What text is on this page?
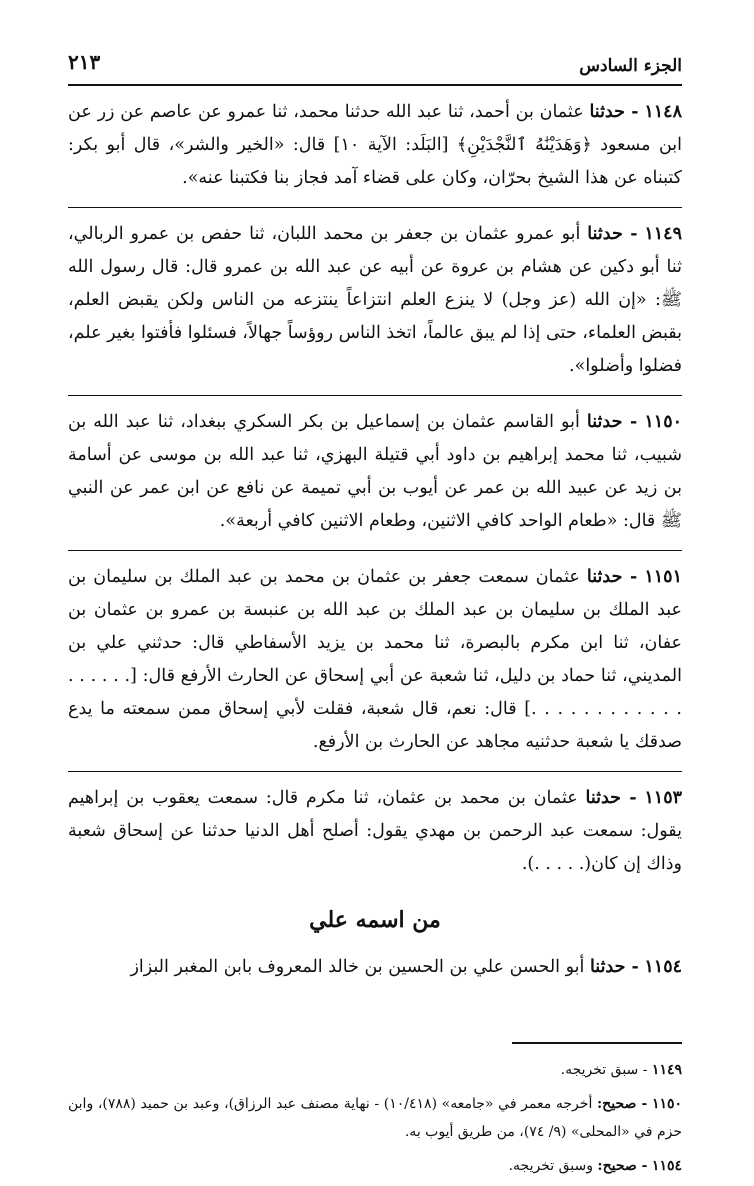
الجزء السادس
٢١٣
١١٤٨ - حدثنا عثمان بن أحمد، ثنا عبد الله حدثنا محمد، ثنا عمرو عن عاصم عن زر عن ابن مسعود ﴿وَهَدَيْنَٰهُ ٱلنَّجْدَيْنِ﴾ [البَلَد: الآية ١٠] قال: «الخير والشر»، قال أبو بكر: كتبناه عن هذا الشيخ بحرّان، وكان على قضاء آمد فجاز بنا فكتبنا عنه».
١١٤٩ - حدثنا أبو عمرو عثمان بن جعفر بن محمد اللبان، ثنا حفص بن عمرو الربالي، ثنا أبو دكين عن هشام بن عروة عن أبيه عن عبد الله بن عمرو قال: قال رسول الله ﷺ: «إن الله (عز وجل) لا ينزع العلم انتزاعاً ينتزعه من الناس ولكن يقبض العلم، بقبض العلماء، حتى إذا لم يبق عالماً، اتخذ الناس روؤساً جهالاً، فسئلوا فأفتوا بغير علم، فضلوا وأضلوا».
١١٥٠ - حدثنا أبو القاسم عثمان بن إسماعيل بن بكر السكري ببغداد، ثنا عبد الله بن شبيب، ثنا محمد إبراهيم بن داود أبي قتيلة البهزي، ثنا عبد الله بن موسى عن أسامة بن زيد عن عبيد الله بن عمر عن أيوب بن أبي تميمة عن نافع عن ابن عمر عن النبي ﷺ قال: «طعام الواحد كافي الاثنين، وطعام الاثنين كافي أربعة».
١١٥١ - حدثنا عثمان سمعت جعفر بن عثمان بن محمد بن عبد الملك بن سليمان بن عبد الملك بن سليمان بن عبد الملك بن عبد الله بن عنبسة بن عمرو بن عثمان بن عفان، ثنا ابن مكرم بالبصرة، ثنا محمد بن يزيد الأسفاطي قال: حدثني علي بن المديني، ثنا حماد بن دليل، ثنا شعبة عن أبي إسحاق عن الحارث الأرفع قال: [. . . . . . . . . . . . . . . . . .] قال: نعم، قال شعبة، فقلت لأبي إسحاق ممن سمعته ما يدع صدقك يا شعبة حدثنيه مجاهد عن الحارث بن الأرفع.
١١٥٣ - حدثنا عثمان بن محمد بن عثمان، ثنا مكرم قال: سمعت يعقوب بن إبراهيم يقول: سمعت عبد الرحمن بن مهدي يقول: أصلح أهل الدنيا حدثنا عن إسحاق شعبة وذاك إن كان(. . . . .).
من اسمه علي
١١٥٤ - حدثنا أبو الحسن علي بن الحسين بن خالد المعروف بابن المغبر البزاز
١١٤٩ - سبق تخريجه.
١١٥٠ - صحيح: أخرجه معمر في «جامعه» (١٠/٤١٨) - نهاية مصنف عبد الرزاق)، وعبد بن حميد (٧٨٨)، وابن حزم في «المحلى» (٩/ ٧٤)، من طريق أيوب به.
١١٥٤ - صحيح: وسبق تخريجه.
